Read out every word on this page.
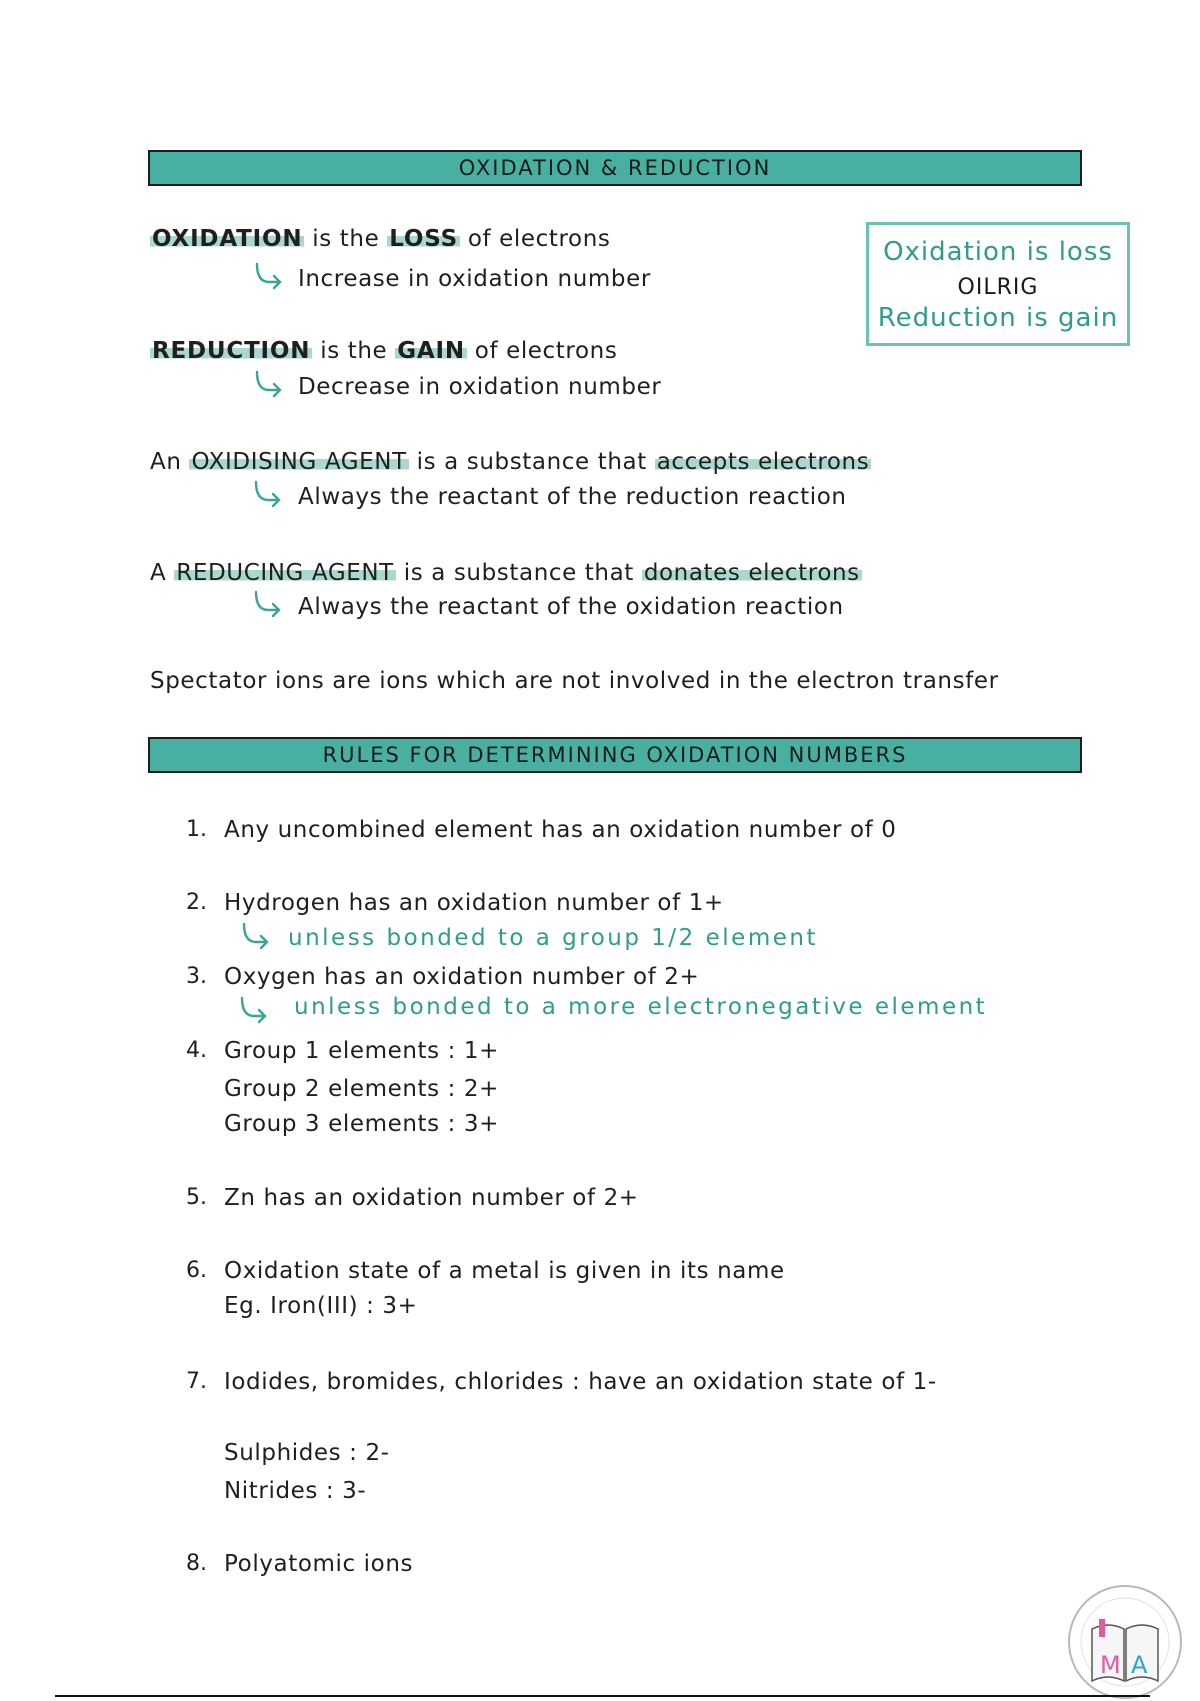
OXIDATION & REDUCTION
OXIDATION is the LOSS of electrons
Increase in oxidation number
REDUCTION is the GAIN of electrons
Decrease in oxidation number
Oxidation is loss
OILRIG
Reduction is gain
An OXIDISING AGENT is a substance that accepts electrons
Always the reactant of the reduction reaction
A REDUCING AGENT is a substance that donates electrons
Always the reactant of the oxidation reaction
Spectator ions are ions which are not involved in the electron transfer
RULES FOR DETERMINING OXIDATION NUMBERS
1. Any uncombined element has an oxidation number of 0
2. Hydrogen has an oxidation number of 1+
unless bonded to a group 1/2 element
3. Oxygen has an oxidation number of 2+
unless bonded to a more electronegative element
4. Group 1 elements : 1+
Group 2 elements : 2+
Group 3 elements : 3+
5. Zn has an oxidation number of 2+
6. Oxidation state of a metal is given in its name
Eg. Iron(III) : 3+
7. Iodides, bromides, chlorides : have an oxidation state of 1-
Sulphides : 2-
Nitrides : 3-
8. Polyatomic ions
M A
